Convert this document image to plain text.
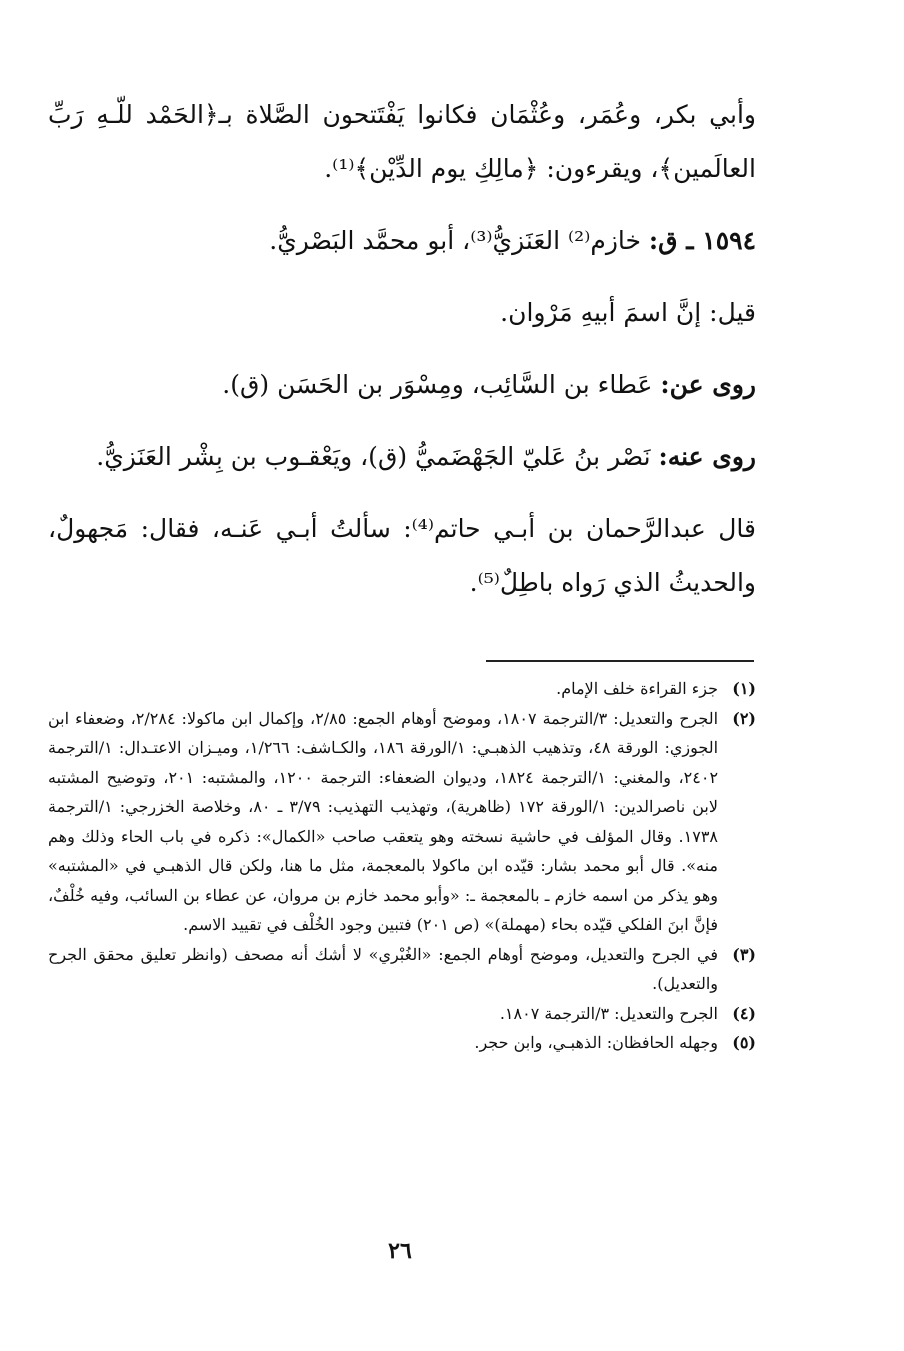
وأبي بكر، وعُمَر، وعُثْمَان فكانوا يَفْتَتحون الصَّلاة بـ﴿الحَمْد للّـهِ رَبِّ العالَمين﴾، ويقرءون: ﴿مالِكِ يوم الدِّيْن﴾⁽¹⁾.

١٥٩٤ ـ ق: خازم⁽²⁾ العَنَزيُّ⁽³⁾، أبو محمَّد البَصْريُّ.

قيل: إنَّ اسمَ أبيهِ مَرْوان.

روى عن: عَطاء بن السَّائِب، ومِسْوَر بن الحَسَن (ق).

روى عنه: نَصْر بنُ عَليّ الجَهْضَميُّ (ق)، ويَعْقـوب بن بِشْر العَنَزيُّ.

قال عبدالرَّحمان بن أبـي حاتم⁽⁴⁾: سألتُ أبـي عَنـه، فقال: مَجهولٌ، والحديثُ الذي رَواه باطِلٌ⁽⁵⁾.

(١)
جزء القراءة خلف الإمام.
(٢)
الجرح والتعديل: ٣/الترجمة ١٨٠٧، وموضح أوهام الجمع: ٢/٨٥، وإكمال ابن ماكولا: ٢/٢٨٤، وضعفاء ابن الجوزي: الورقة ٤٨، وتذهيب الذهبـي: ١/الورقة ١٨٦، والكـاشف: ١/٢٦٦، وميـزان الاعتـدال: ١/الترجمة ٢٤٠٢، والمغني: ١/الترجمة ١٨٢٤، وديوان الضعفاء: الترجمة ١٢٠٠، والمشتبه: ٢٠١، وتوضيح المشتبه لابن ناصرالدين: ١/الورقة ١٧٢ (ظاهرية)، وتهذيب التهذيب: ٣/٧٩ ـ ٨٠، وخلاصة الخزرجي: ١/الترجمة ١٧٣٨. وقال المؤلف في حاشية نسخته وهو يتعقب صاحب «الكمال»: ذكره في باب الحاء وذلك وهم منه». قال أبو محمد بشار: قيّده ابن ماكولا بالمعجمة، مثل ما هنا، ولكن قال الذهبـي في «المشتبه» وهو يذكر من اسمه خازم ـ بالمعجمة ـ: «وأبو محمد خازم بن مروان، عن عطاء بن السائب، وفيه خُلْفٌ، فإنَّ ابنَ الفلكي قيّده بحاء (مهملة)» (ص ٢٠١) فتبين وجود الخُلْف في تقييد الاسم.
(٣)
في الجرح والتعديل، وموضح أوهام الجمع: «الغُبْري» لا أشك أنه مصحف (وانظر تعليق محقق الجرح والتعديل).
(٤)
الجرح والتعديل: ٣/الترجمة ١٨٠٧.
(٥)
وجهله الحافظان: الذهبـي، وابن حجر.
٢٦
